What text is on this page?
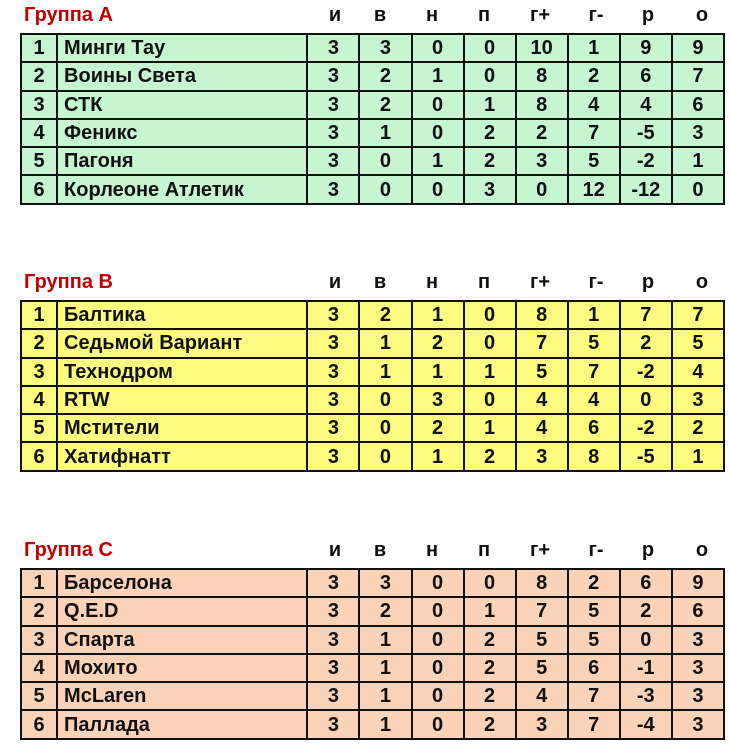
Группа А	и	в	н	п	г+	г-	р	о
1	Минги Тау	3	3	0	0	10	1	9	9
2	Воины Света	3	2	1	0	8	2	6	7
3	СТК	3	2	0	1	8	4	4	6
4	Феникс	3	1	0	2	2	7	-5	3
5	Пагоня	3	0	1	2	3	5	-2	1
6	Корлеоне Атлетик	3	0	0	3	0	12	-12	0
Группа В	и	в	н	п	г+	г-	р	о
1	Балтика	3	2	1	0	8	1	7	7
2	Седьмой Вариант	3	1	2	0	7	5	2	5
3	Технодром	3	1	1	1	5	7	-2	4
4	RTW	3	0	3	0	4	4	0	3
5	Мстители	3	0	2	1	4	6	-2	2
6	Хатифнатт	3	0	1	2	3	8	-5	1
Группа С	и	в	н	п	г+	г-	р	о
1	Барселона	3	3	0	0	8	2	6	9
2	Q.E.D	3	2	0	1	7	5	2	6
3	Спарта	3	1	0	2	5	5	0	3
4	Мохито	3	1	0	2	5	6	-1	3
5	McLaren	3	1	0	2	4	7	-3	3
6	Паллада	3	1	0	2	3	7	-4	3
